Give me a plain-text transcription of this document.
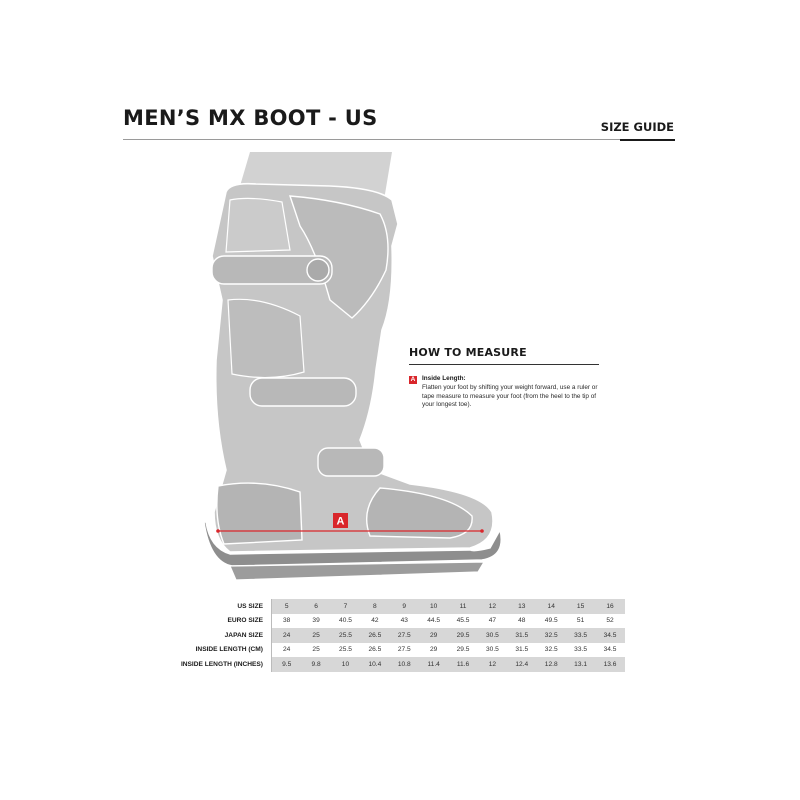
MEN’S MX BOOT - US	SIZE GUIDE
A
HOW TO MEASURE
A Inside Length:
Flatten your foot by shifting your weight forward, use a ruler or tape measure to measure your foot (from the heel to the tip of your longest toe).
US SIZE	5	6	7	8	9	10	11	12	13	14	15	16
EURO SIZE	38	39	40.5	42	43	44.5	45.5	47	48	49.5	51	52
JAPAN SIZE	24	25	25.5	26.5	27.5	29	29.5	30.5	31.5	32.5	33.5	34.5
INSIDE LENGTH (CM)	24	25	25.5	26.5	27.5	29	29.5	30.5	31.5	32.5	33.5	34.5
INSIDE LENGTH (INCHES)	9.5	9.8	10	10.4	10.8	11.4	11.6	12	12.4	12.8	13.1	13.6
